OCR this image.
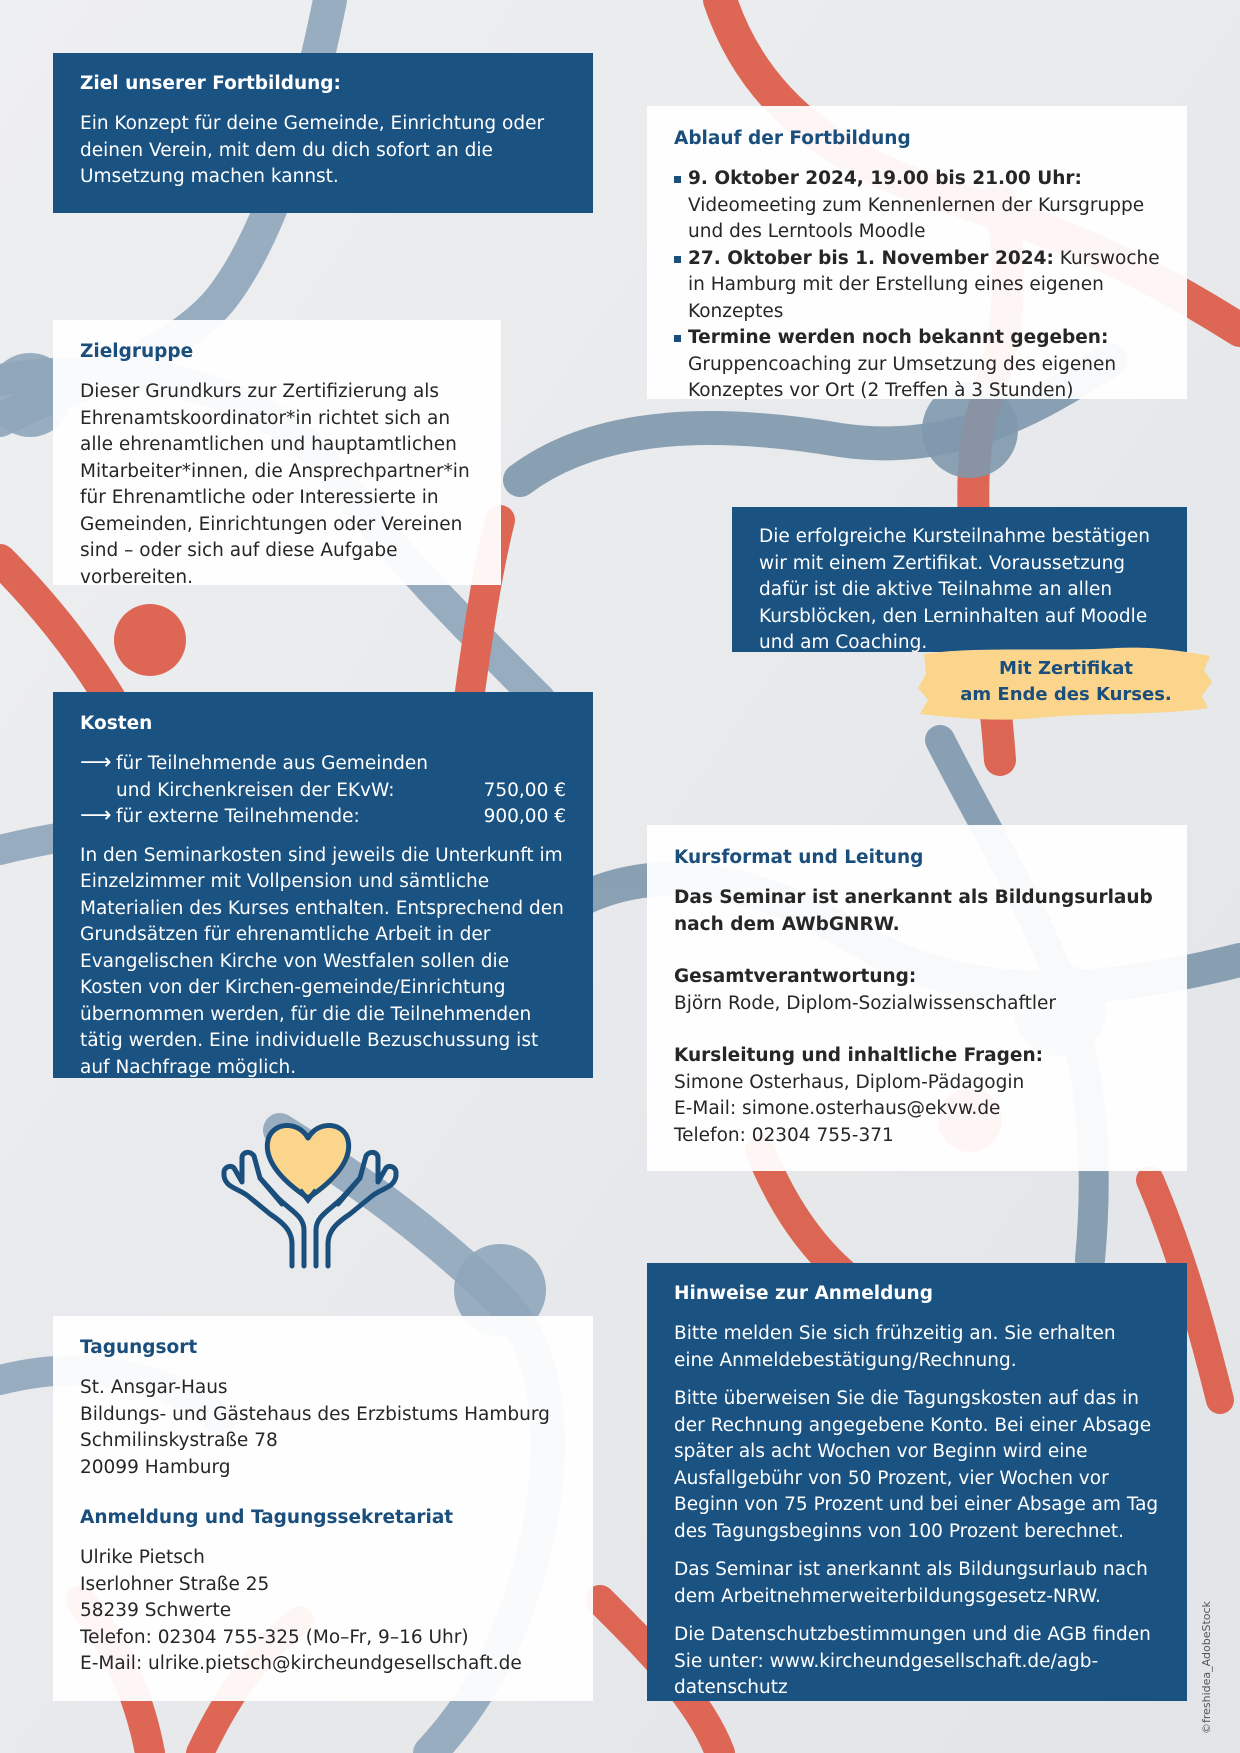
Ziel unserer Fortbildung:

Ein Konzept für deine Gemeinde, Einrichtung oder deinen Verein, mit dem du dich sofort an die Umsetzung machen kannst.

Ablauf der Fortbildung
9. Oktober 2024, 19.00 bis 21.00 Uhr: Videomeeting zum Kennenlernen der Kursgruppe und des Lerntools Moodle
27. Oktober bis 1. November 2024: Kurswoche in Hamburg mit der Erstellung eines eigenen Konzeptes
Termine werden noch bekannt gegeben: Gruppencoaching zur Umsetzung des eigenen Konzeptes vor Ort (2 Treffen à 3 Stunden)
Zielgruppe

Dieser Grundkurs zur Zertifizierung als Ehrenamtskoordinator*in richtet sich an alle ehrenamtlichen und hauptamtlichen Mitarbeiter*innen, die Ansprechpartner*in für Ehrenamtliche oder Interessierte in Gemeinden, Einrichtungen oder Vereinen sind – oder sich auf diese Aufgabe vorbereiten.

Die erfolgreiche Kursteilnahme bestätigen wir mit einem Zertifikat. Voraussetzung dafür ist die aktive Teilnahme an allen Kursblöcken, den Lerninhalten auf Moodle und am Coaching.

Mit Zertifikat
am Ende des Kurses.
Kosten
⟶ für Teilnehmende aus Gemeinden und Kirchenkreisen der EKvW:	750,00 €
⟶ für externe Teilnehmende:	900,00 €

In den Seminarkosten sind jeweils die Unterkunft im Einzelzimmer mit Vollpension und sämtliche Materialien des Kurses enthalten. Entsprechend den Grundsätzen für ehrenamtliche Arbeit in der Evangelischen Kirche von Westfalen sollen die Kosten von der Kirchen-gemeinde/Einrichtung übernommen werden, für die die Teilnehmenden tätig werden. Eine individuelle Bezuschussung ist auf Nachfrage möglich.

Kursformat und Leitung

Das Seminar ist anerkannt als Bildungsurlaub
nach dem AWbGNRW.

Gesamtverantwortung:

Björn Rode, Diplom-Sozialwissenschaftler

Kursleitung und inhaltliche Fragen:

Simone Osterhaus, Diplom-Pädagogin

E-Mail: simone.osterhaus@ekvw.de

Telefon: 02304 755-371

Tagungsort

St. Ansgar-Haus

Bildungs- und Gästehaus des Erzbistums Hamburg

Schmilinskystraße 78

20099 Hamburg

Anmeldung und Tagungssekretariat

Ulrike Pietsch

Iserlohner Straße 25

58239 Schwerte

Telefon: 02304 755-325 (Mo–Fr, 9–16 Uhr)

E-Mail: ulrike.pietsch@kircheundgesellschaft.de

Hinweise zur Anmeldung

Bitte melden Sie sich frühzeitig an. Sie erhalten eine Anmeldebestätigung/Rechnung.

Bitte überweisen Sie die Tagungskosten auf das in der Rechnung angegebene Konto. Bei einer Absage später als acht Wochen vor Beginn wird eine Ausfallgebühr von 50 Prozent, vier Wochen vor Beginn von 75 Prozent und bei einer Absage am Tag des Tagungsbeginns von 100 Prozent berechnet.

Das Seminar ist anerkannt als Bildungsurlaub nach dem Arbeitnehmerweiterbildungsgesetz-NRW.

Die Datenschutzbestimmungen und die AGB finden Sie unter: www.kircheundgesellschaft.de/agb-datenschutz	©freshidea_AdobeStock
